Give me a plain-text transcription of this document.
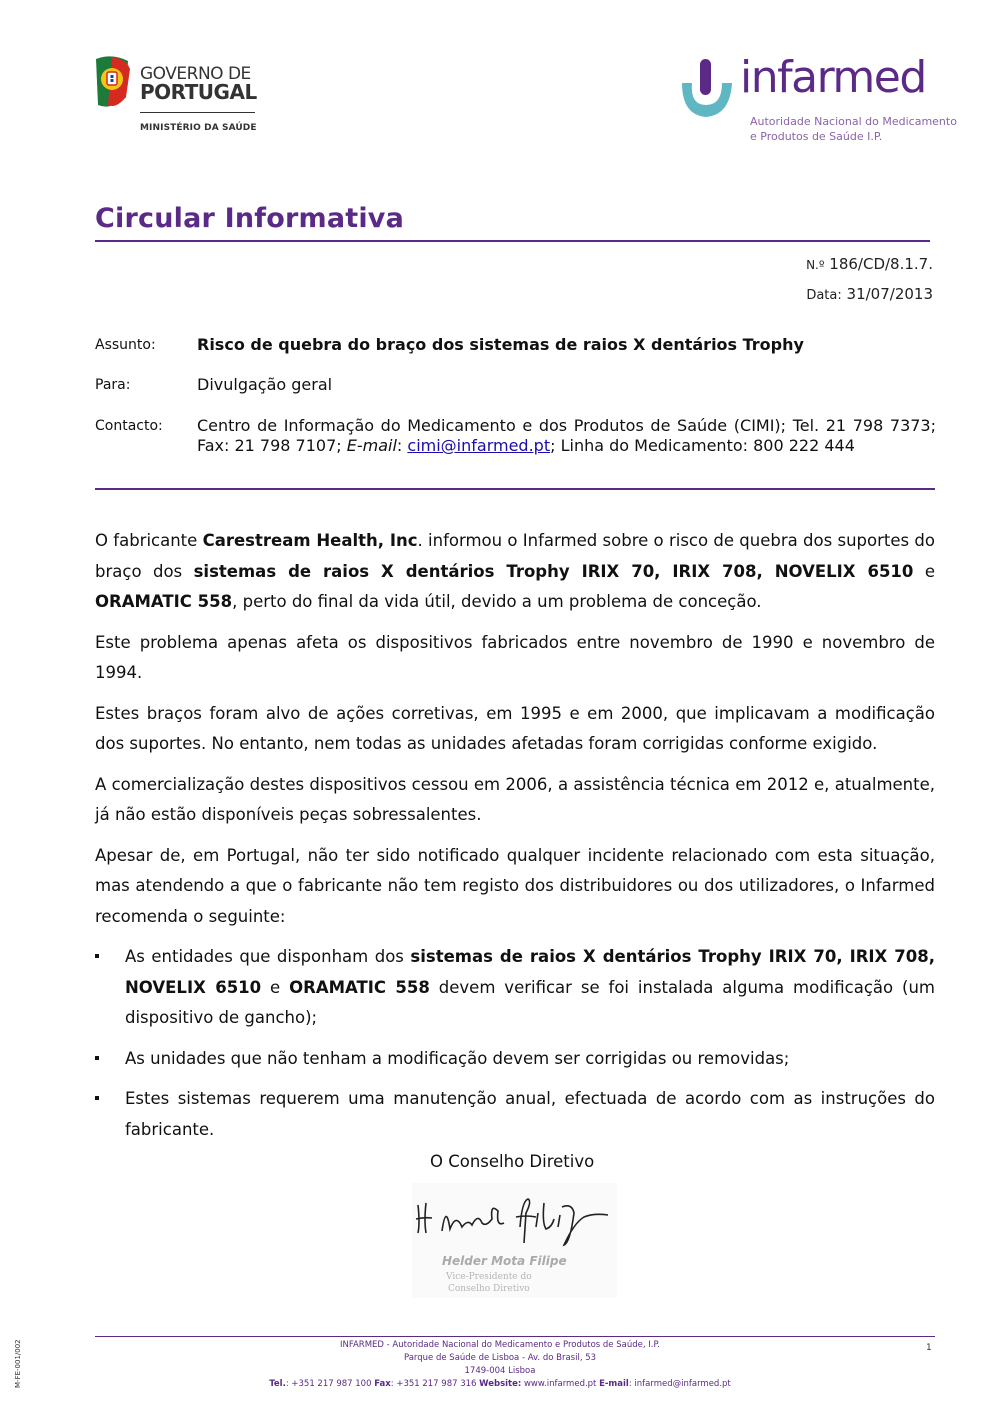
GOVERNO DE
PORTUGAL
MINISTÉRIO DA SAÚDE
infarmed
Autoridade Nacional do Medicamento
e Produtos de Saúde I.P.
Circular Informativa
N.º 186/CD/8.1.7.
Data: 31/07/2013
Assunto:	Risco de quebra do braço dos sistemas de raios X dentários Trophy
Para:	Divulgação geral
Contacto: Centro de Informação do Medicamento e dos Produtos de Saúde (CIMI); Tel. 21 798 7373; Fax: 21 798 7107; E-mail: cimi@infarmed.pt; Linha do Medicamento: 800 222 444

O fabricante Carestream Health, Inc. informou o Infarmed sobre o risco de quebra dos suportes do braço dos sistemas de raios X dentários Trophy IRIX 70, IRIX 708, NOVELIX 6510 e ORAMATIC 558, perto do final da vida útil, devido a um problema de conceção.

Este problema apenas afeta os dispositivos fabricados entre novembro de 1990 e novembro de 1994.

Estes braços foram alvo de ações corretivas, em 1995 e em 2000, que implicavam a modificação dos suportes. No entanto, nem todas as unidades afetadas foram corrigidas conforme exigido.

A comercialização destes dispositivos cessou em 2006, a assistência técnica em 2012 e, atualmente, já não estão disponíveis peças sobressalentes.

Apesar de, em Portugal, não ter sido notificado qualquer incidente relacionado com esta situação, mas atendendo a que o fabricante não tem registo dos distribuidores ou dos utilizadores, o Infarmed recomenda o seguinte:

As entidades que disponham dos sistemas de raios X dentários Trophy IRIX 70, IRIX 708, NOVELIX 6510 e ORAMATIC 558 devem verificar se foi instalada alguma modificação (um dispositivo de gancho);
As unidades que não tenham a modificação devem ser corrigidas ou removidas;
Estes sistemas requerem uma manutenção anual, efectuada de acordo com as instruções do fabricante.
O Conselho Diretivo
Helder Mota Filipe
Vice-Presidente do
Conselho Diretivo
INFARMED - Autoridade Nacional do Medicamento e Produtos de Saúde, I.P.
Parque de Saúde de Lisboa - Av. do Brasil, 53
1749-004 Lisboa
Tel.: +351 217 987 100 Fax: +351 217 987 316 Website: www.infarmed.pt E-mail: infarmed@infarmed.pt
1
M-FE-001/002
